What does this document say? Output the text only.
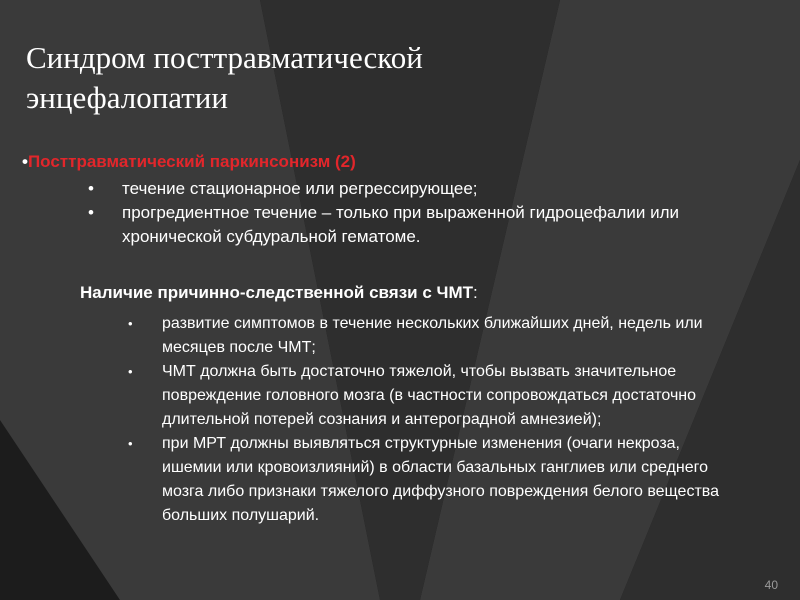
Синдром посттравматической
энцефалопатии
•Посттравматический паркинсонизм (2)
• течение стационарное или регрессирующее;
• прогредиентное течение – только при выраженной гидроцефалии или хронической субдуральной гематоме.
Наличие причинно-следственной связи с ЧМТ:
• развитие симптомов в течение нескольких ближайших дней, недель или месяцев после ЧМТ;
• ЧМТ должна быть достаточно тяжелой, чтобы вызвать значительное повреждение головного мозга (в частности сопровождаться достаточно длительной потерей сознания и антероградной амнезией);
• при МРТ должны выявляться структурные изменения (очаги некроза, ишемии или кровоизлияний) в области базальных ганглиев или среднего мозга либо признаки тяжелого диффузного повреждения белого вещества больших полушарий.
40
